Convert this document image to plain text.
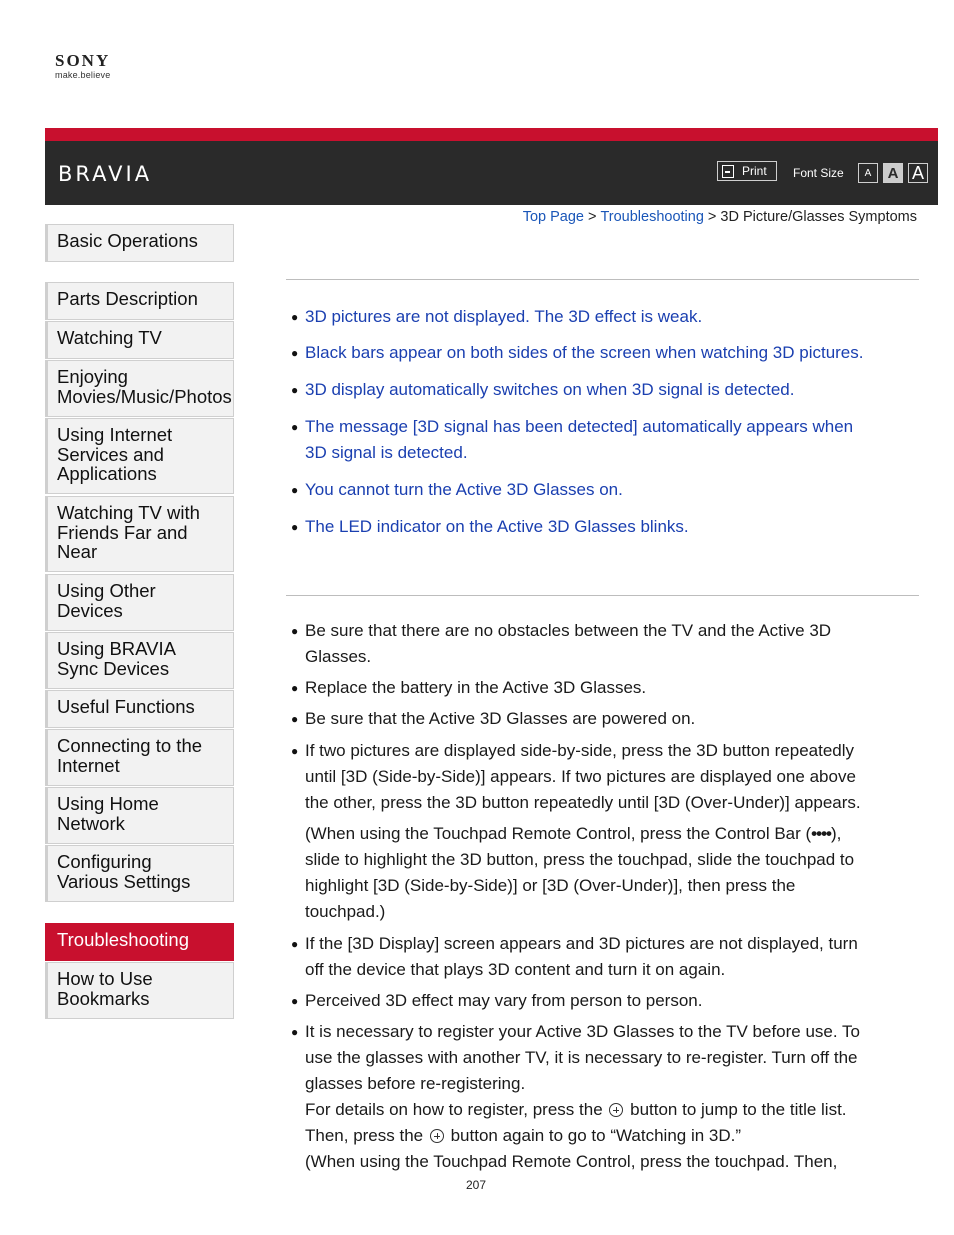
SONY
make.believe
BRAVIA	Print Font Size	A	A A
Top Page > Troubleshooting > 3D Picture/Glasses Symptoms
Basic Operations
Parts Description
Watching TV
Enjoying
Movies/Music/Photos
Using Internet
Services and
Applications
Watching TV with
Friends Far and
Near
Using Other
Devices
Using BRAVIA
Sync Devices
Useful Functions
Connecting to the
Internet
Using Home
Network
Configuring
Various Settings
Troubleshooting
How to Use
Bookmarks
● 3D pictures are not displayed. The 3D effect is weak.
● Black bars appear on both sides of the screen when watching 3D pictures.
● 3D display automatically switches on when 3D signal is detected.
● The message [3D signal has been detected] automatically appears when
3D signal is detected.
● You cannot turn the Active 3D Glasses on.
● The LED indicator on the Active 3D Glasses blinks.
● Be sure that there are no obstacles between the TV and the Active 3D
Glasses.
● Replace the battery in the Active 3D Glasses.
● Be sure that the Active 3D Glasses are powered on.
● If two pictures are displayed side-by-side, press the 3D button repeatedly
until [3D (Side-by-Side)] appears. If two pictures are displayed one above
the other, press the 3D button repeatedly until [3D (Over-Under)] appears.
(When using the Touchpad Remote Control, press the Control Bar (••••),
slide to highlight the 3D button, press the touchpad, slide the touchpad to
highlight [3D (Side-by-Side)] or [3D (Over-Under)], then press the
touchpad.)
● If the [3D Display] screen appears and 3D pictures are not displayed, turn
off the device that plays 3D content and turn it on again.
● Perceived 3D effect may vary from person to person.
● It is necessary to register your Active 3D Glasses to the TV before use. To
use the glasses with another TV, it is necessary to re-register. Turn off the
glasses before re-registering.
For details on how to register, press the button to jump to the title list.
Then, press the button again to go to “Watching in 3D.”
(When using the Touchpad Remote Control, press the touchpad. Then,
207
